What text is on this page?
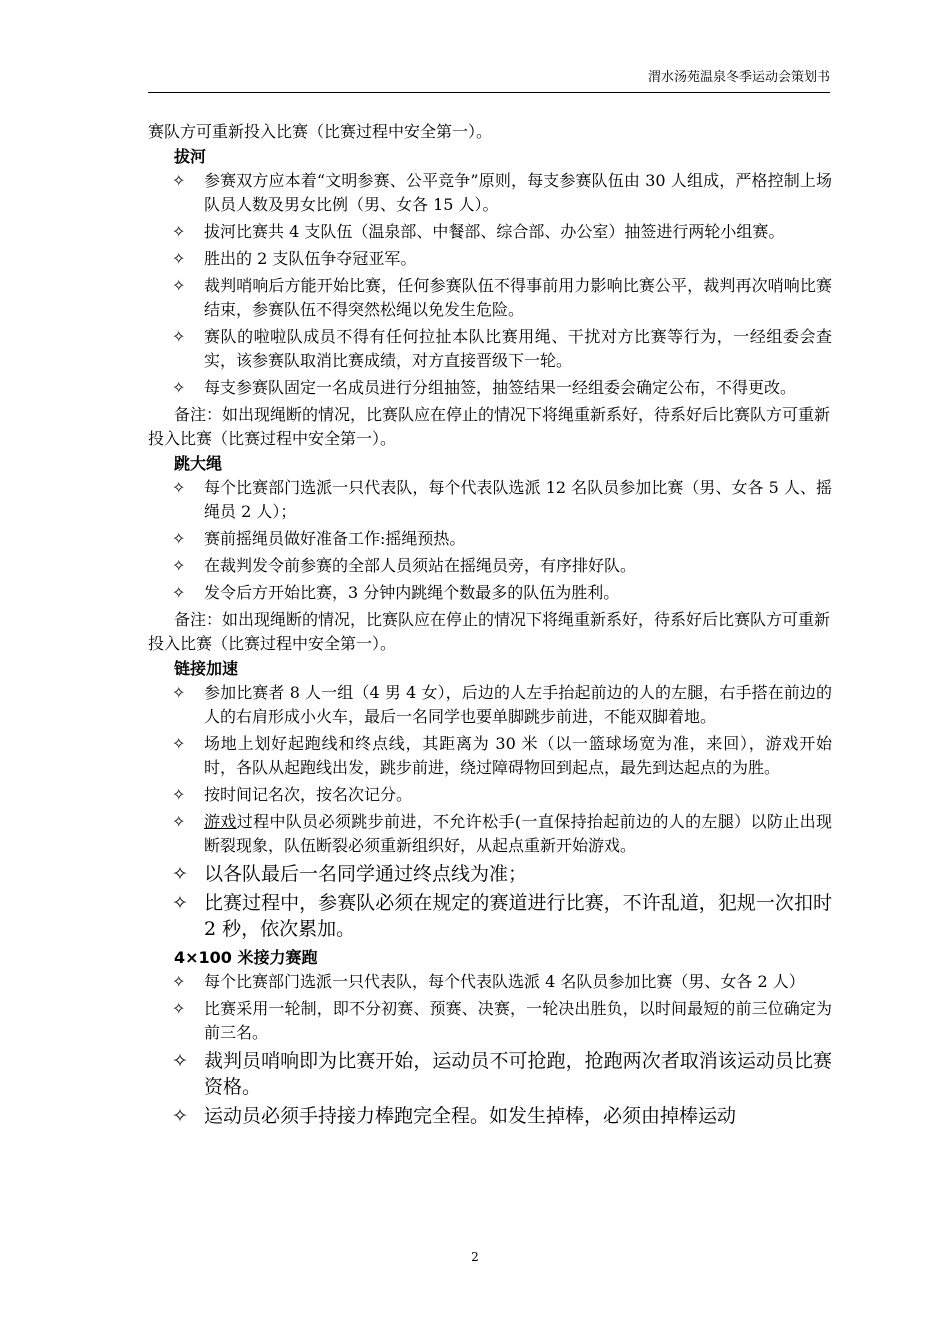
渭水汤苑温泉冬季运动会策划书

赛队方可重新投入比赛（比赛过程中安全第一）。

拔河

✧ 参赛双方应本着“文明参赛、公平竞争”原则，每支参赛队伍由 30 人组成，严格控制上场队员人数及男女比例（男、女各 15 人）。
✧ 拔河比赛共 4 支队伍（温泉部、中餐部、综合部、办公室）抽签进行两轮小组赛。
✧ 胜出的 2 支队伍争夺冠亚军。
✧ 裁判哨响后方能开始比赛，任何参赛队伍不得事前用力影响比赛公平，裁判再次哨响比赛结束，参赛队伍不得突然松绳以免发生危险。
✧ 赛队的啦啦队成员不得有任何拉扯本队比赛用绳、干扰对方比赛等行为，一经组委会查实，该参赛队取消比赛成绩，对方直接晋级下一轮。
✧ 每支参赛队固定一名成员进行分组抽签，抽签结果一经组委会确定公布，不得更改。

备注：如出现绳断的情况，比赛队应在停止的情况下将绳重新系好，待系好后比赛队方可重新投入比赛（比赛过程中安全第一）。

跳大绳

✧ 每个比赛部门选派一只代表队，每个代表队选派 12 名队员参加比赛（男、女各 5 人、摇绳员 2 人）；
✧ 赛前摇绳员做好准备工作:摇绳预热。
✧ 在裁判发令前参赛的全部人员须站在摇绳员旁，有序排好队。
✧ 发令后方开始比赛，3 分钟内跳绳个数最多的队伍为胜利。

备注：如出现绳断的情况，比赛队应在停止的情况下将绳重新系好，待系好后比赛队方可重新投入比赛（比赛过程中安全第一）。

链接加速

✧ 参加比赛者 8 人一组（4 男 4 女），后边的人左手抬起前边的人的左腿，右手搭在前边的人的右肩形成小火车，最后一名同学也要单脚跳步前进，不能双脚着地。
✧ 场地上划好起跑线和终点线，其距离为 30 米（以一篮球场宽为准，来回），游戏开始时，各队从起跑线出发，跳步前进，绕过障碍物回到起点，最先到达起点的为胜。
✧ 按时间记名次，按名次记分。
✧ 游戏过程中队员必须跳步前进，不允许松手(一直保持抬起前边的人的左腿）以防止出现断裂现象，队伍断裂必须重新组织好，从起点重新开始游戏。
✧ 以各队最后一名同学通过终点线为准；
✧ 比赛过程中，参赛队必须在规定的赛道进行比赛，不许乱道，犯规一次扣时 2 秒，依次累加。

4×100 米接力赛跑

✧ 每个比赛部门选派一只代表队，每个代表队选派 4 名队员参加比赛（男、女各 2 人）
✧ 比赛采用一轮制，即不分初赛、预赛、决赛，一轮决出胜负，以时间最短的前三位确定为前三名。
✧ 裁判员哨响即为比赛开始，运动员不可抢跑，抢跑两次者取消该运动员比赛资格。
✧ 运动员必须手持接力棒跑完全程。如发生掉棒，必须由掉棒运动
2
